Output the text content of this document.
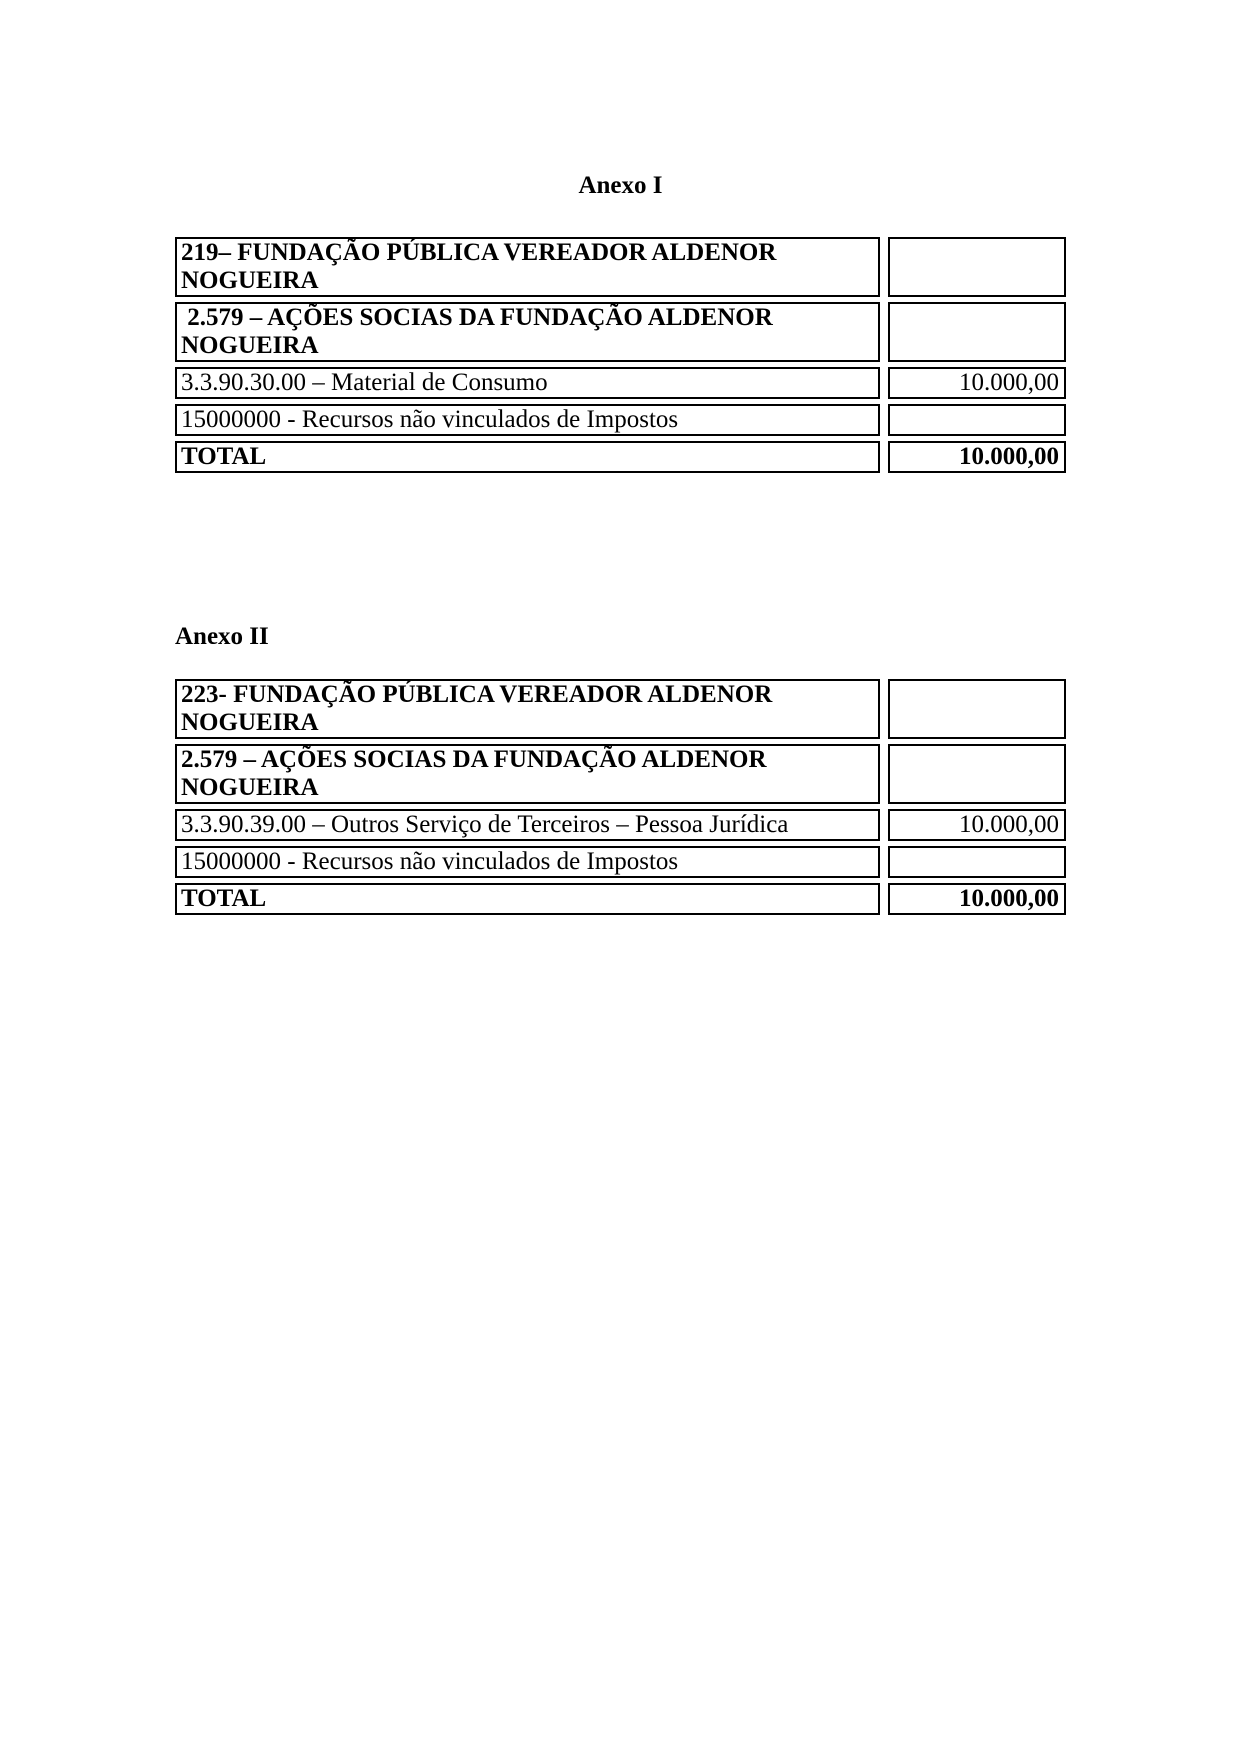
Anexo I
219– FUNDAÇÃO PÚBLICA VEREADOR ALDENOR NOGUEIRA
2.579 – AÇÕES SOCIAS DA FUNDAÇÃO ALDENOR NOGUEIRA
3.3.90.30.00 – Material de Consumo	10.000,00
15000000 - Recursos não vinculados de Impostos
TOTAL	10.000,00
Anexo II
223- FUNDAÇÃO PÚBLICA VEREADOR ALDENOR NOGUEIRA
2.579 – AÇÕES SOCIAS DA FUNDAÇÃO ALDENOR NOGUEIRA
3.3.90.39.00 – Outros Serviço de Terceiros – Pessoa Jurídica	10.000,00
15000000 - Recursos não vinculados de Impostos
TOTAL	10.000,00
